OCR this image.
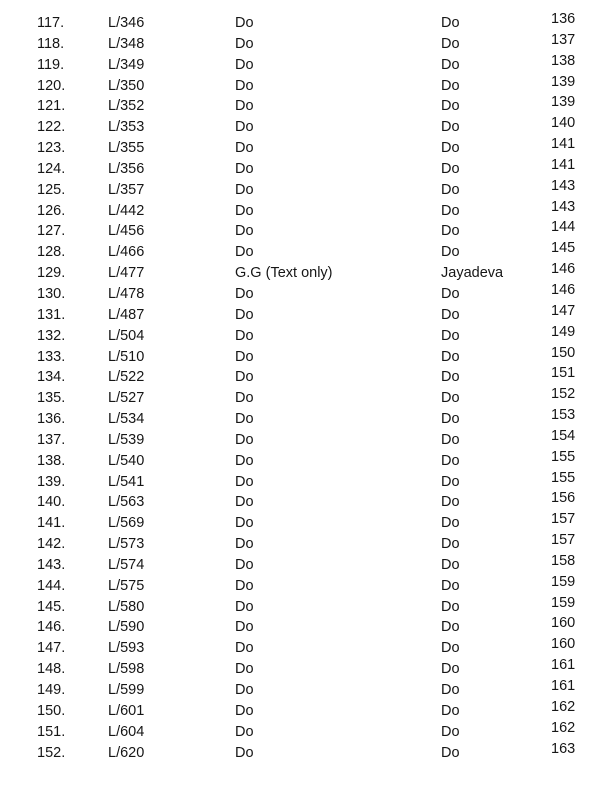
117.	L/346	Do	Do	136
118.	L/348	Do	Do	137
119.	L/349	Do	Do	138
120.	L/350	Do	Do	139
121.	L/352	Do	Do	139
122.	L/353	Do	Do	140
123.	L/355	Do	Do	141
124.	L/356	Do	Do	141
125.	L/357	Do	Do	143
126.	L/442	Do	Do	143
127.	L/456	Do	Do	144
128.	L/466	Do	Do	145
129.	L/477	G.G (Text only)	Jayadeva	146
130.	L/478	Do	Do	146
131.	L/487	Do	Do	147
132.	L/504	Do	Do	149
133.	L/510	Do	Do	150
134.	L/522	Do	Do	151
135.	L/527	Do	Do	152
136.	L/534	Do	Do	153
137.	L/539	Do	Do	154
138.	L/540	Do	Do	155
139.	L/541	Do	Do	155
140.	L/563	Do	Do	156
141.	L/569	Do	Do	157
142.	L/573	Do	Do	157
143.	L/574	Do	Do	158
144.	L/575	Do	Do	159
145.	L/580	Do	Do	159
146.	L/590	Do	Do	160
147.	L/593	Do	Do	160
148.	L/598	Do	Do	161
149.	L/599	Do	Do	161
150.	L/601	Do	Do	162
151.	L/604	Do	Do	162
152.	L/620	Do	Do	163
